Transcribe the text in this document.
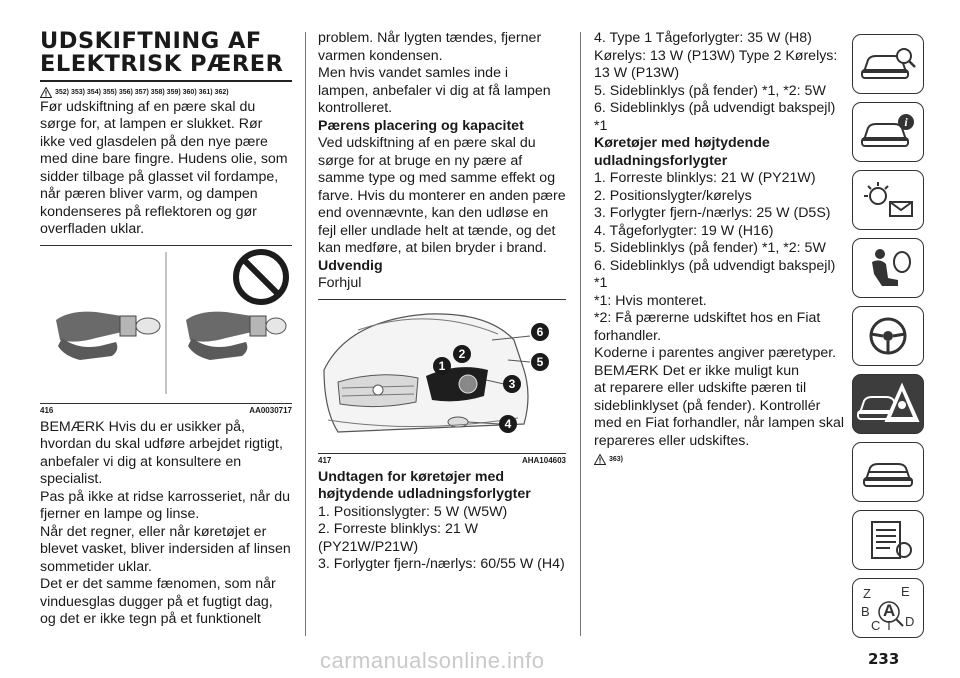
UDSKIFTNING AF
ELEKTRISK PÆRER
352) 353) 354) 355) 356) 357) 358) 359) 360) 361) 362)

Før udskiftning af en pære skal du

sørge for, at lampen er slukket. Rør

ikke ved glasdelen på den nye pære

med dine bare fingre. Hudens olie, som

sidder tilbage på glasset vil fordampe,

når pæren bliver varm, og dampen

kondenseres på reflektoren og gør

overfladen uklar.

416	AA0030717

BEMÆRK Hvis du er usikker på,

hvordan du skal udføre arbejdet rigtigt,

anbefaler vi dig at konsultere en

specialist.

Pas på ikke at ridse karrosseriet, når du

fjerner en lampe og linse.

Når det regner, eller når køretøjet er

blevet vasket, bliver indersiden af linsen

sommetider uklar.

Det er det samme fænomen, som når

vinduesglas dugger på et fugtigt dag,

og det er ikke tegn på et funktionelt

problem. Når lygten tændes, fjerner

varmen kondensen.

Men hvis vandet samles inde i

lampen, anbefaler vi dig at få lampen

kontrolleret.

Pærens placering og kapacitet

Ved udskiftning af en pære skal du

sørge for at bruge en ny pære af

samme type og med samme effekt og

farve. Hvis du monterer en anden pære

end ovennævnte, kan den udløse en

fejl eller undlade helt at tænde, og det

kan medføre, at bilen bryder i brand.

Udvendig

Forhjul

1
2
3
4
5
6
417	AHA104603
Undtagen for køretøjer med
højtydende udladningsforlygter

1. Positionslygter: 5 W (W5W)

2. Forreste blinklys: 21 W

(PY21W/P21W)

3. Forlygter fjern-/nærlys: 60/55 W (H4)

4. Type 1 Tågeforlygter: 35 W (H8)

Kørelys: 13 W (P13W) Type 2 Kørelys:

13 W (P13W)

5. Sideblinklys (på fender) *1, *2: 5W

6. Sideblinklys (på udvendigt bakspejl)

*1

Køretøjer med højtydende
udladningsforlygter

1. Forreste blinklys: 21 W (PY21W)

2. Positionslygter/kørelys

3. Forlygter fjern-/nærlys: 25 W (D5S)

4. Tågeforlygter: 19 W (H16)

5. Sideblinklys (på fender) *1, *2: 5W

6. Sideblinklys (på udvendigt bakspejl)

*1

*1: Hvis monteret.

*2: Få pærerne udskiftet hos en Fiat

forhandler.

Koderne i parentes angiver pæretyper.

BEMÆRK Det er ikke muligt kun

at reparere eller udskifte pæren til

sideblinklyset (på fender). Kontrollér

med en Fiat forhandler, når lampen skal

repareres eller udskiftes.

363)
i
Z E
B A
C T D
carmanualsonline.info	233
